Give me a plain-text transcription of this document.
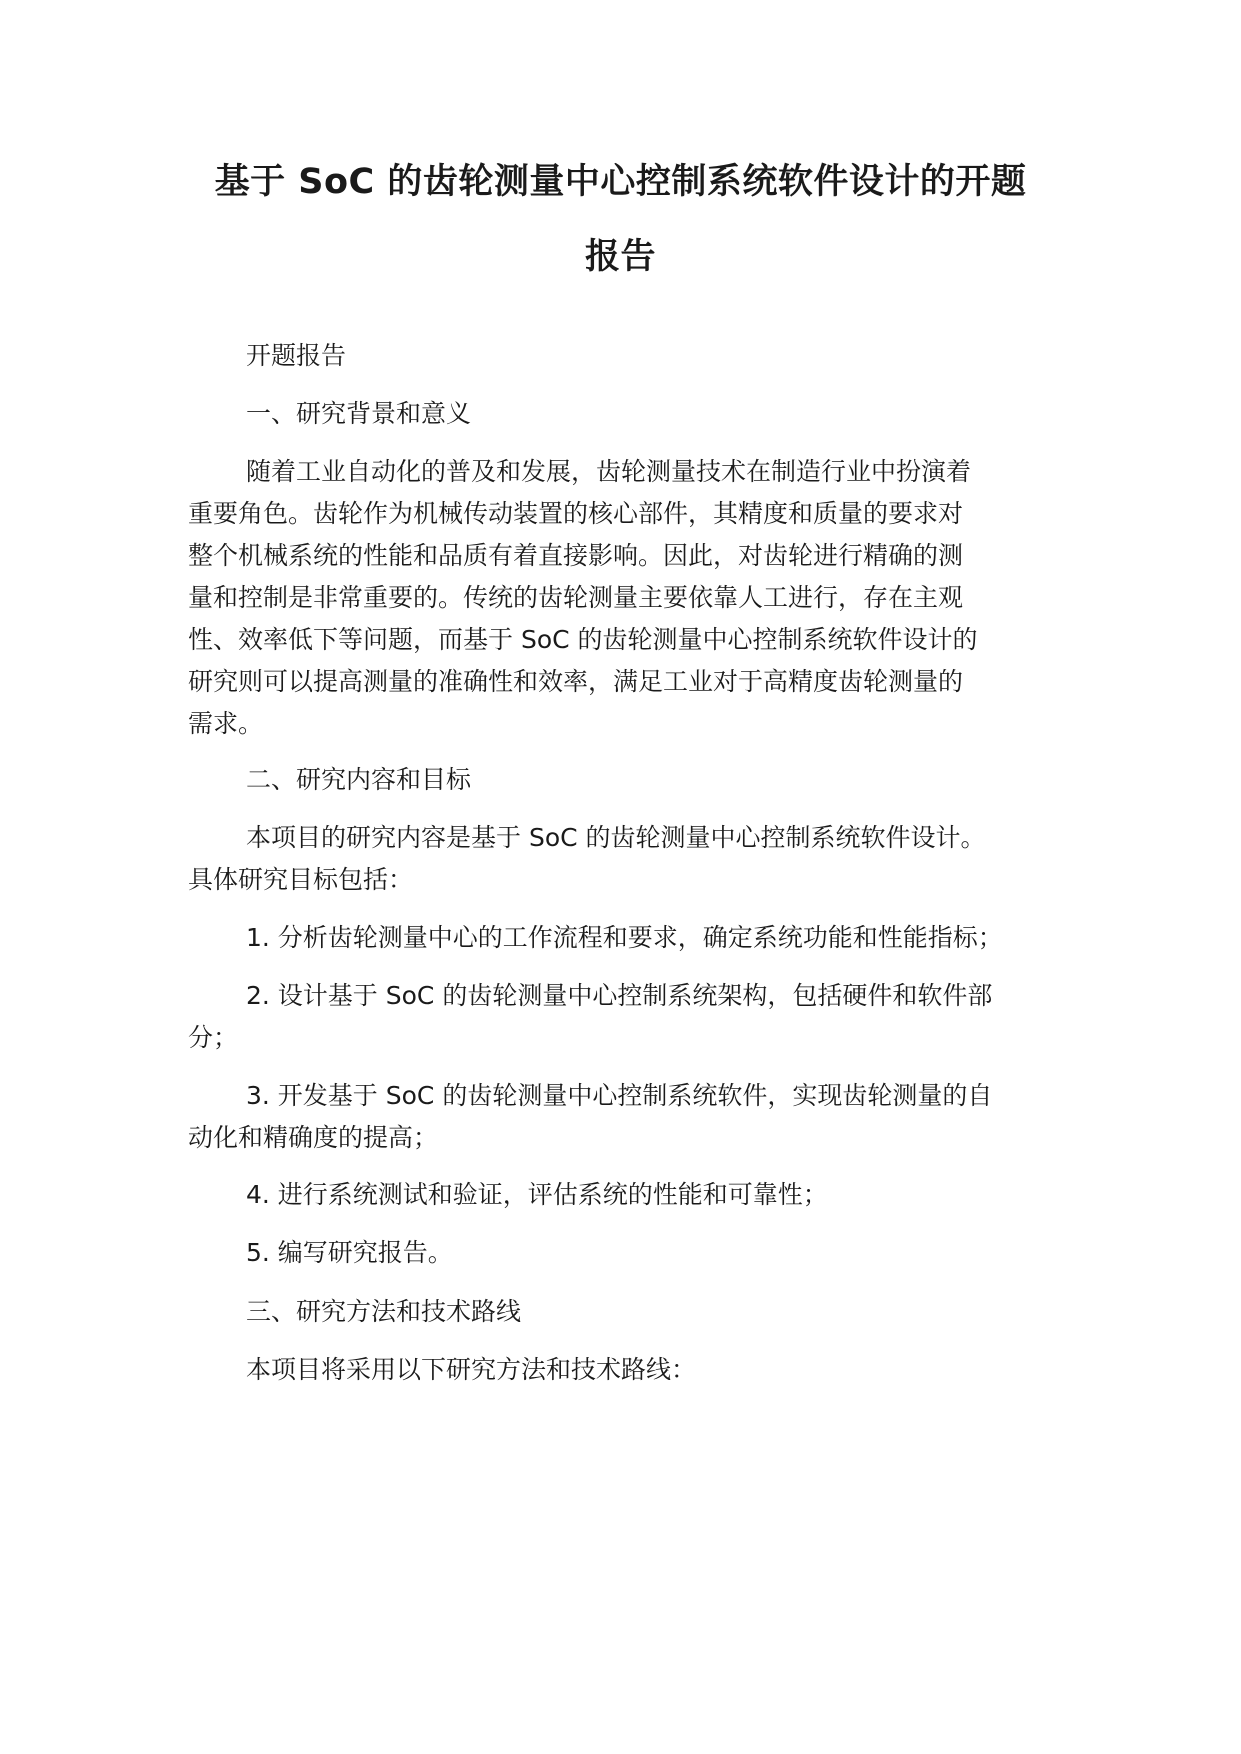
基于 SoC 的齿轮测量中心控制系统软件设计的开题
报告

开题报告

一、研究背景和意义

随着工业自动化的普及和发展，齿轮测量技术在制造行业中扮演着

重要角色。齿轮作为机械传动装置的核心部件，其精度和质量的要求对

整个机械系统的性能和品质有着直接影响。因此，对齿轮进行精确的测

量和控制是非常重要的。传统的齿轮测量主要依靠人工进行，存在主观

性、效率低下等问题，而基于 SoC 的齿轮测量中心控制系统软件设计的

研究则可以提高测量的准确性和效率，满足工业对于高精度齿轮测量的

需求。

二、研究内容和目标

本项目的研究内容是基于 SoC 的齿轮测量中心控制系统软件设计。

具体研究目标包括：

1. 分析齿轮测量中心的工作流程和要求，确定系统功能和性能指标；

2. 设计基于 SoC 的齿轮测量中心控制系统架构，包括硬件和软件部

分；

3. 开发基于 SoC 的齿轮测量中心控制系统软件，实现齿轮测量的自

动化和精确度的提高；

4. 进行系统测试和验证，评估系统的性能和可靠性；

5. 编写研究报告。

三、研究方法和技术路线

本项目将采用以下研究方法和技术路线：
